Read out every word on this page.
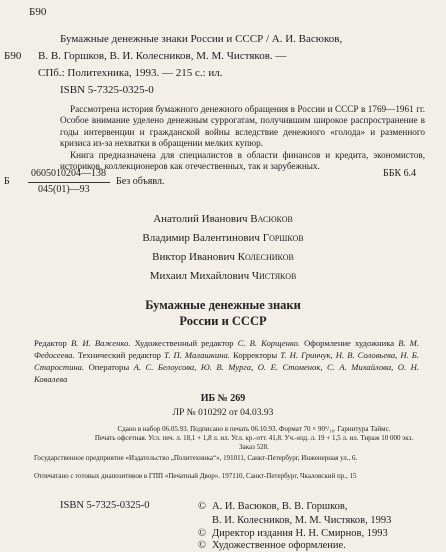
Б90
Б90
Бумажные денежные знаки России и СССР / А. И. Васюков,
В. В. Горшков, В. И. Колесников, М. М. Чистяков. —
СПб.: Политехника, 1993. — 215 с.: ил.
ISBN 5-7325-0325-0

Рассмотрена история бумажного денежного обращения в России и СССР в 1769—1961 гг. Особое внимание уделено денежным суррогатам, получившим широкое распространение в годы интервенции и гражданской войны вследствие денежного «голода» и разменного кризиса из-за нехватки в обращении мелких купюр.

Книга предназначена для специалистов в области финансов и кредита, экономистов, историков, коллекционеров как отечественных, так и зарубежных.

Б
0605010204—138
045(01)—93
Без объявл.
ББК 6.4
Анатолий Иванович Васюков
Владимир Валентинович Горшков
Виктор Иванович Колесников
Михаил Михайлович Чистяков
Бумажные денежные знаки
России и СССР
Редактор В. И. Важенко. Художественный редактор С. В. Корщенко. Оформление художника В. М. Федосеева. Технический редактор Т. П. Малашкина. Корректоры Т. Н. Гринчук, Н. В. Соловьева, Н. Б. Старостина. Операторы А. С. Белоусова, Ю. В. Мурга, О. Е. Стоменок, С. А. Михайлова, О. Н. Ковалева
ИБ № 269
ЛР № 010292 от 04.03.93
Сдано в набор 06.05.93. Подписано в печать 06.10.93. Формат 70 × 90¹/₁₆. Гарнитура Таймс.
Печать офсетная. Усл. печ. л. 18,1 + 1,8 л. ил. Усл. кр.-отт. 41,8. Уч.-изд. л. 19 + 1,5 л. ил. Тираж 10 000 экз.
Заказ 528.
Государственное предприятие «Издательство „Политехника“», 191011, Санкт-Петербург, Инженерная ул., 6.
Отпечатано с готовых диапозитивов в ГПП «Печатный Двор». 197110, Санкт-Петербург, Чкаловский пр., 15
ISBN 5-7325-0325-0	© А. И. Васюков, В. В. Горшков,
В. И. Колесников, М. М. Чистяков, 1993
© Директор издания Н. Н. Смирнов, 1993
© Художественное оформление.
